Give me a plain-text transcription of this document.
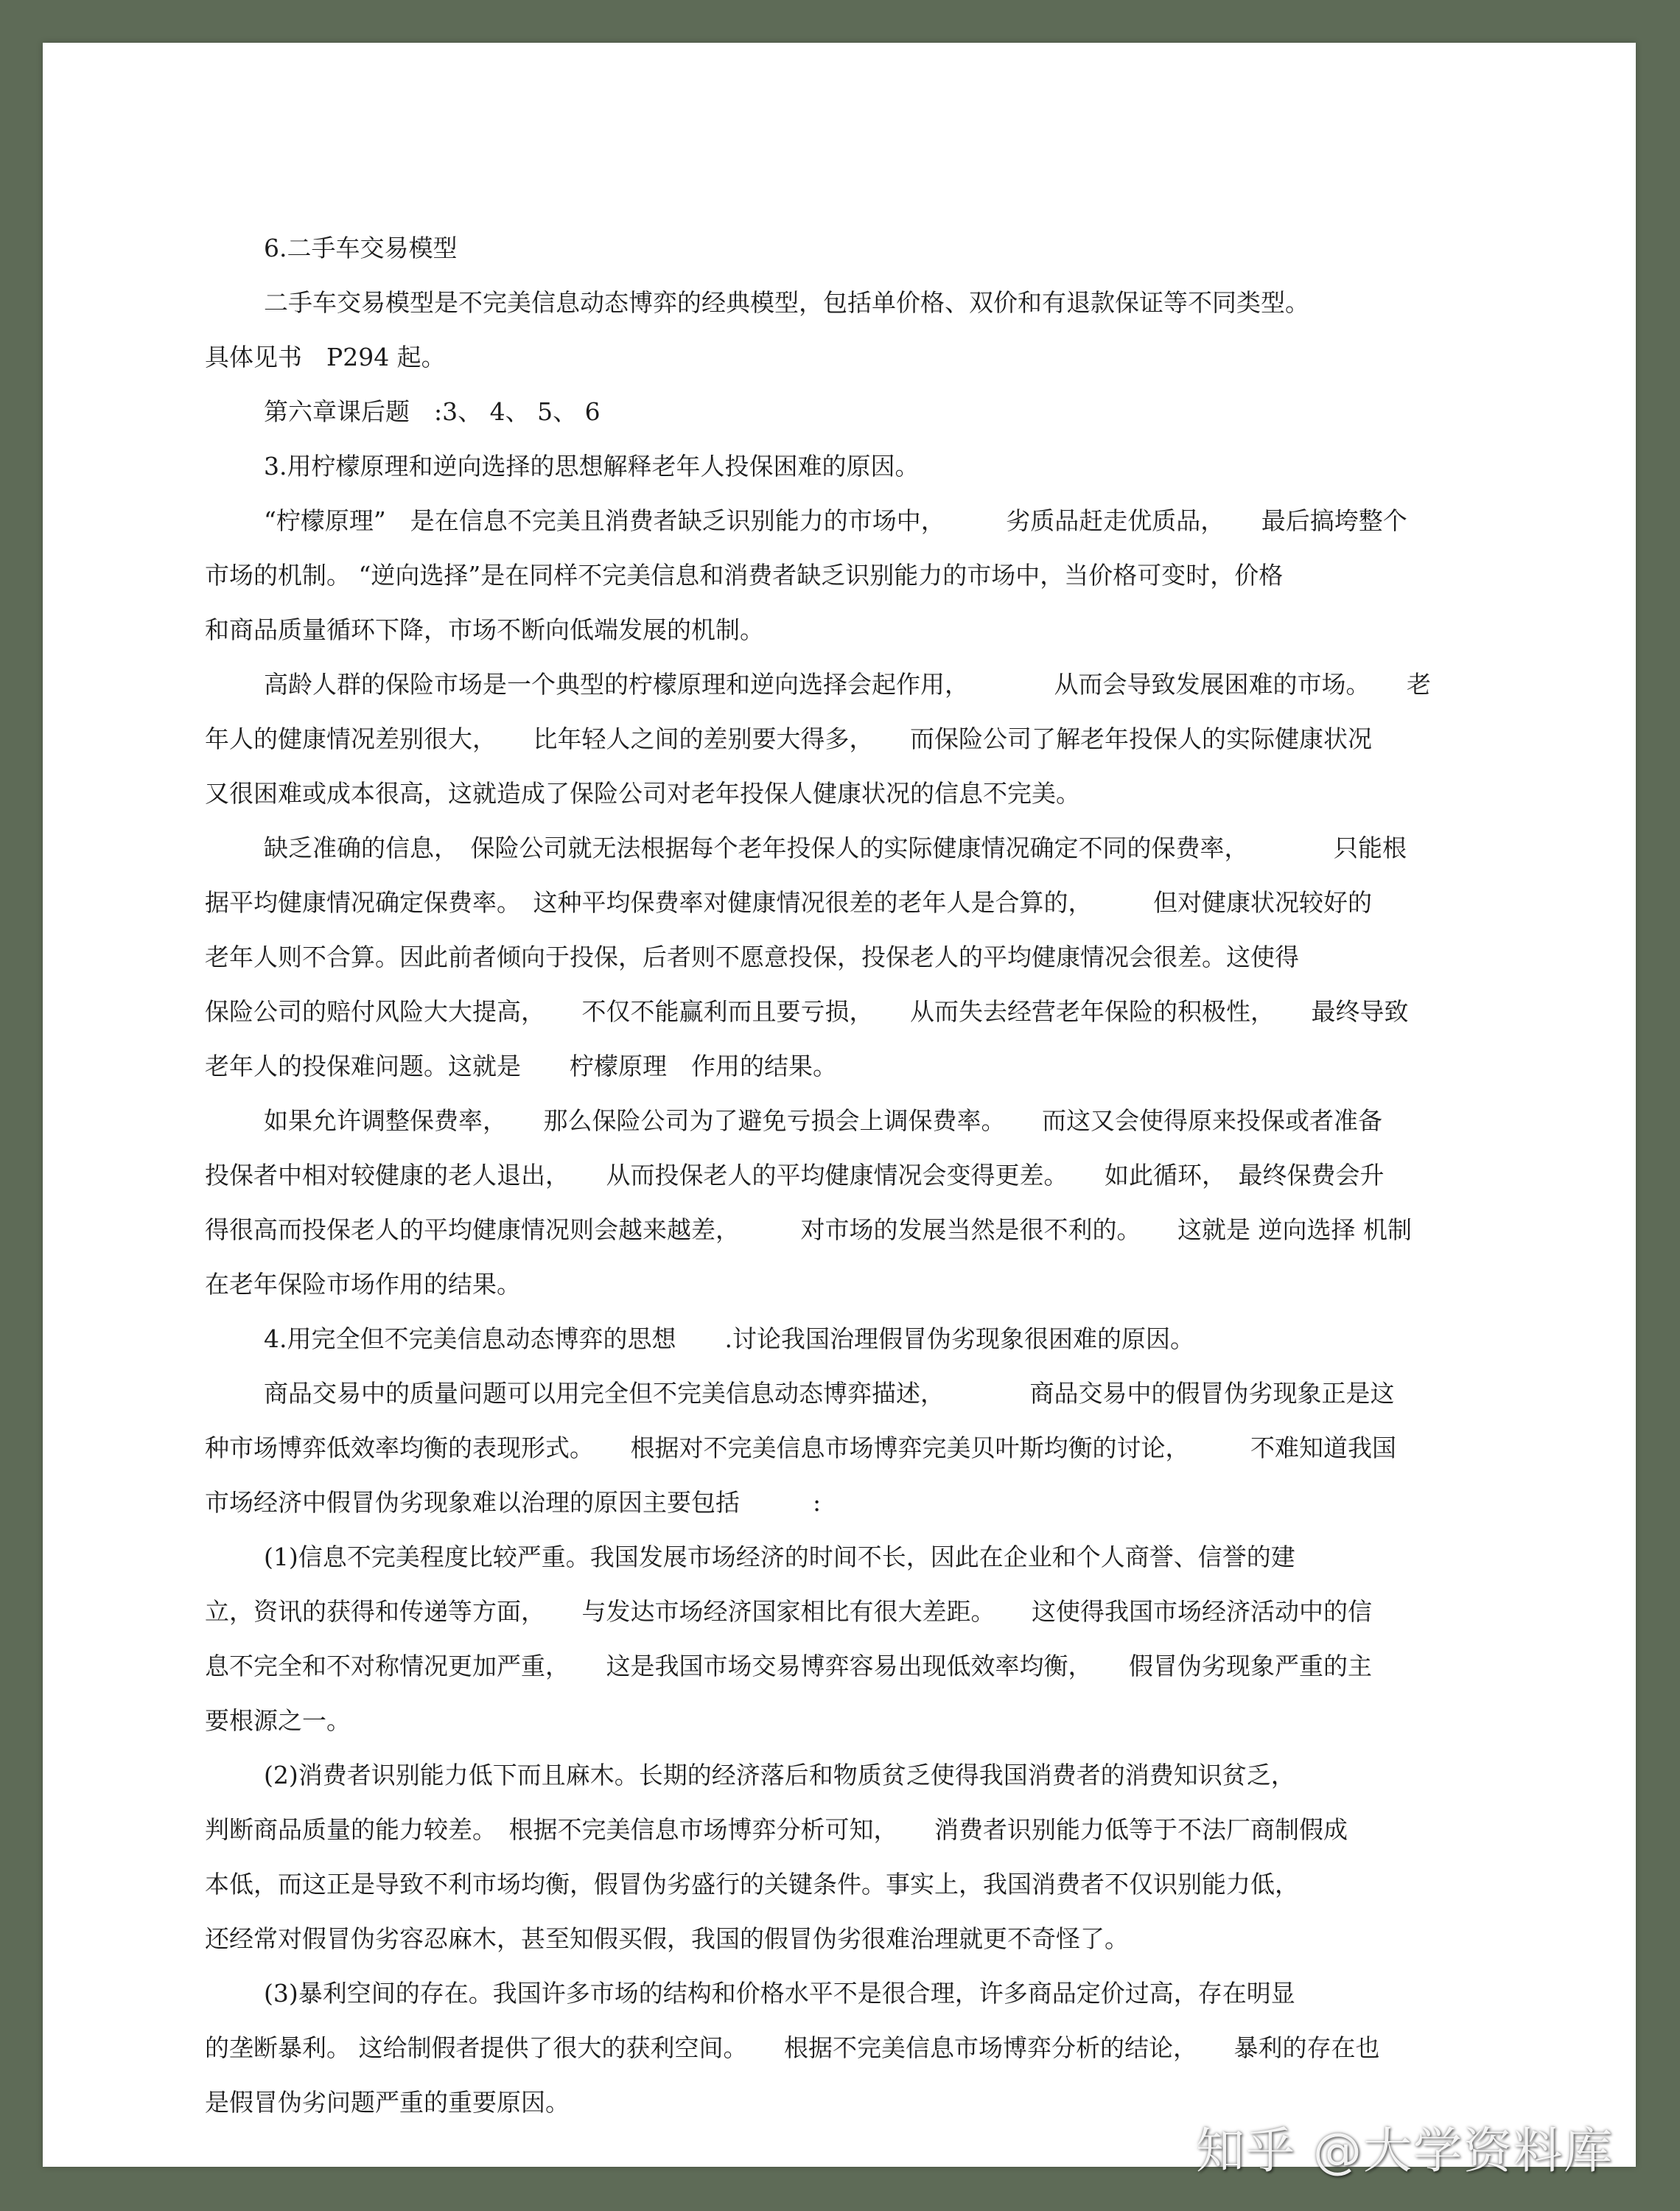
6.二手车交易模型
二手车交易模型是不完美信息动态博弈的经典模型，包括单价格、双价和有退款保证等不同类型。
具体见书　P294 起。
第六章课后题　:3、 4、 5、 6
3.用柠檬原理和逆向选择的思想解释老年人投保困难的原因。
“柠檬原理”　是在信息不完美且消费者缺乏识别能力的市场中，　　　劣质品赶走优质品，　　最后搞垮整个
市场的机制。 “逆向选择”是在同样不完美信息和消费者缺乏识别能力的市场中，当价格可变时，价格
和商品质量循环下降，市场不断向低端发展的机制。
高龄人群的保险市场是一个典型的柠檬原理和逆向选择会起作用，　　　　从而会导致发展困难的市场。　　老
年人的健康情况差别很大，　　比年轻人之间的差别要大得多，　　而保险公司了解老年投保人的实际健康状况
又很困难或成本很高，这就造成了保险公司对老年投保人健康状况的信息不完美。
缺乏准确的信息，　保险公司就无法根据每个老年投保人的实际健康情况确定不同的保费率，　　　　只能根
据平均健康情况确定保费率。　这种平均保费率对健康情况很差的老年人是合算的，　　　但对健康状况较好的
老年人则不合算。因此前者倾向于投保，后者则不愿意投保，投保老人的平均健康情况会很差。这使得
保险公司的赔付风险大大提高，　　不仅不能赢利而且要亏损，　　从而失去经营老年保险的积极性，　　最终导致
老年人的投保难问题。这就是　　柠檬原理　作用的结果。
如果允许调整保费率，　　那么保险公司为了避免亏损会上调保费率。　　而这又会使得原来投保或者准备
投保者中相对较健康的老人退出，　　从而投保老人的平均健康情况会变得更差。　　如此循环，　最终保费会升
得很高而投保老人的平均健康情况则会越来越差，　　　对市场的发展当然是很不利的。　　这就是 逆向选择 机制
在老年保险市场作用的结果。
4.用完全但不完美信息动态博弈的思想　　.讨论我国治理假冒伪劣现象很困难的原因。
商品交易中的质量问题可以用完全但不完美信息动态博弈描述，　　　　商品交易中的假冒伪劣现象正是这
种市场博弈低效率均衡的表现形式。　　根据对不完美信息市场博弈完美贝叶斯均衡的讨论，　　　不难知道我国
市场经济中假冒伪劣现象难以治理的原因主要包括　　　:
(1)信息不完美程度比较严重。我国发展市场经济的时间不长，因此在企业和个人商誉、信誉的建
立，资讯的获得和传递等方面，　　与发达市场经济国家相比有很大差距。　　这使得我国市场经济活动中的信
息不完全和不对称情况更加严重，　　这是我国市场交易博弈容易出现低效率均衡，　　假冒伪劣现象严重的主
要根源之一。
(2)消费者识别能力低下而且麻木。长期的经济落后和物质贫乏使得我国消费者的消费知识贫乏，
判断商品质量的能力较差。　根据不完美信息市场博弈分析可知，　　消费者识别能力低等于不法厂商制假成
本低，而这正是导致不利市场均衡，假冒伪劣盛行的关键条件。事实上，我国消费者不仅识别能力低，
还经常对假冒伪劣容忍麻木，甚至知假买假，我国的假冒伪劣很难治理就更不奇怪了。
(3)暴利空间的存在。我国许多市场的结构和价格水平不是很合理，许多商品定价过高，存在明显
的垄断暴利。 这给制假者提供了很大的获利空间。　　根据不完美信息市场博弈分析的结论，　　暴利的存在也
是假冒伪劣问题严重的重要原因。
知乎 @大学资料库
